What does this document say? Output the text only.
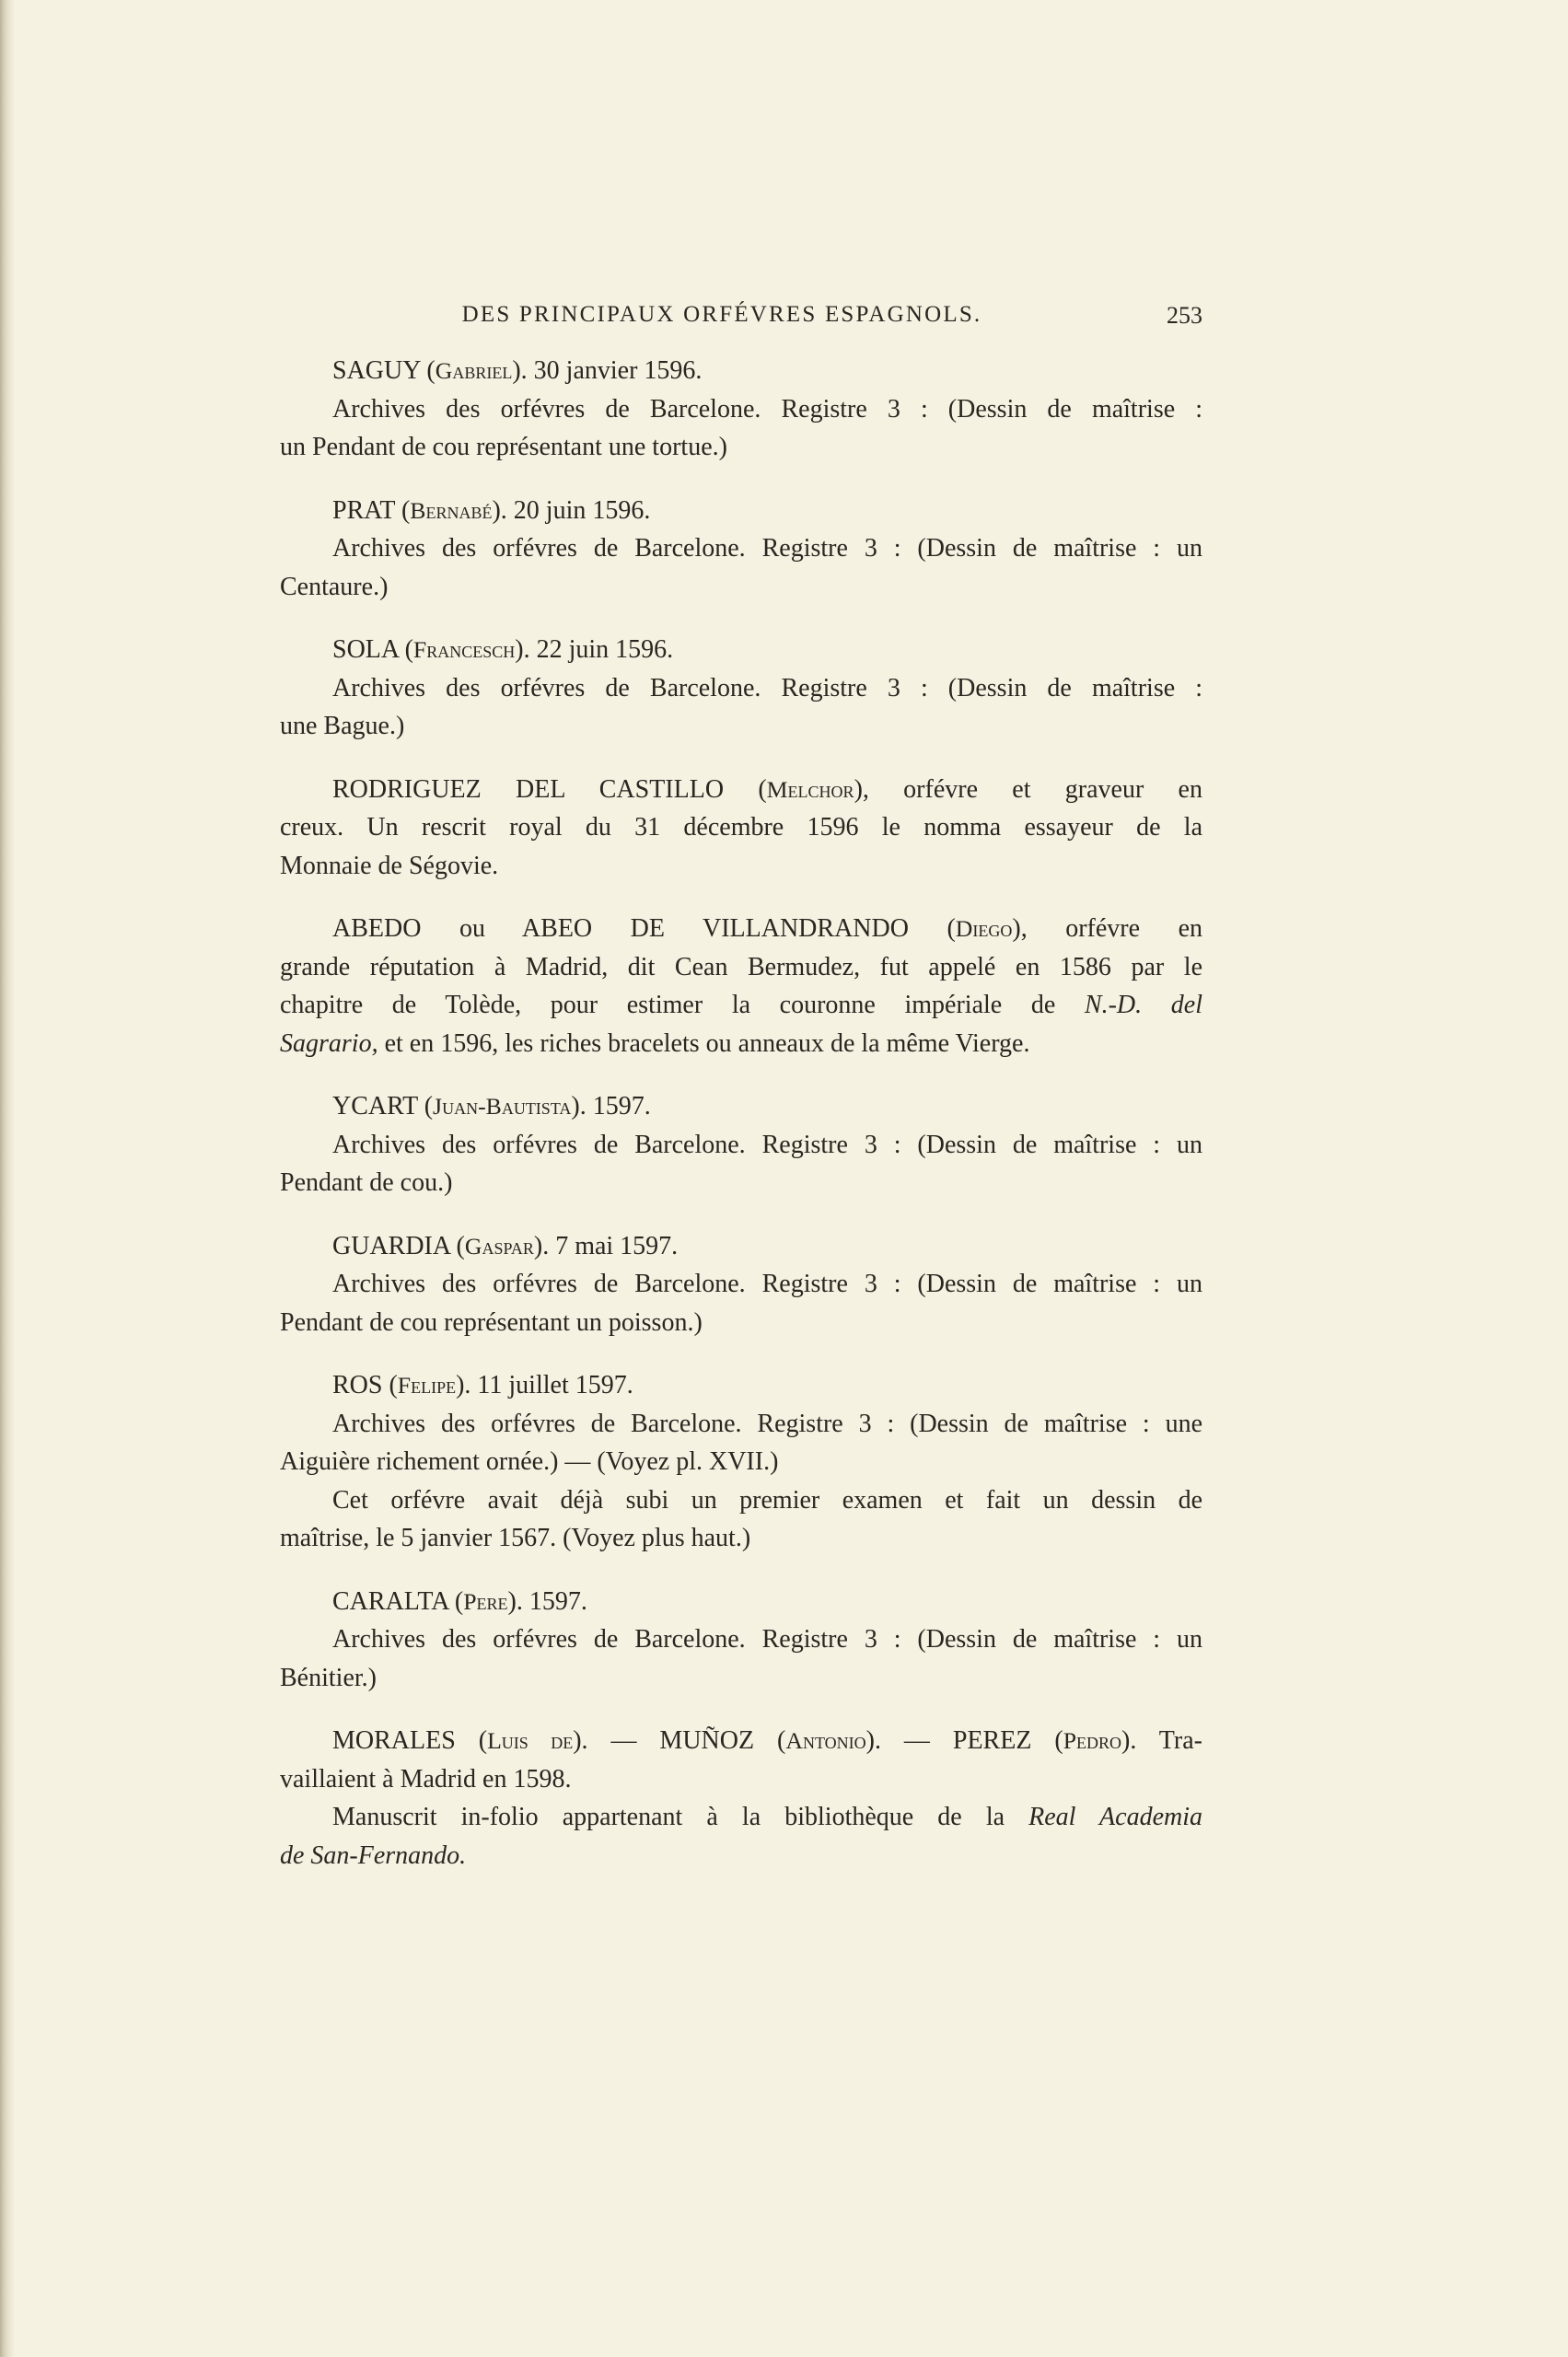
DES PRINCIPAUX ORFÉVRES ESPAGNOLS.	253
SAGUY (Gabriel). 30 janvier 1596.
Archives des orfévres de Barcelone. Registre 3 : (Dessin de maîtrise :
un Pendant de cou représentant une tortue.)
PRAT (Bernabé). 20 juin 1596.
Archives des orfévres de Barcelone. Registre 3 : (Dessin de maîtrise : un
Centaure.)
SOLA (Francesch). 22 juin 1596.
Archives des orfévres de Barcelone. Registre 3 : (Dessin de maîtrise :
une Bague.)
RODRIGUEZ DEL CASTILLO (Melchor), orfévre et graveur en
creux. Un rescrit royal du 31 décembre 1596 le nomma essayeur de la
Monnaie de Ségovie.
ABEDO ou ABEO DE VILLANDRANDO (Diego), orfévre en
grande réputation à Madrid, dit Cean Bermudez, fut appelé en 1586 par le
chapitre de Tolède, pour estimer la couronne impériale de N.-D. del
Sagrario, et en 1596, les riches bracelets ou anneaux de la même Vierge.
YCART (Juan-Bautista). 1597.
Archives des orfévres de Barcelone. Registre 3 : (Dessin de maîtrise : un
Pendant de cou.)
GUARDIA (Gaspar). 7 mai 1597.
Archives des orfévres de Barcelone. Registre 3 : (Dessin de maîtrise : un
Pendant de cou représentant un poisson.)
ROS (Felipe). 11 juillet 1597.
Archives des orfévres de Barcelone. Registre 3 : (Dessin de maîtrise : une
Aiguière richement ornée.) — (Voyez pl. XVII.)
Cet orfévre avait déjà subi un premier examen et fait un dessin de
maîtrise, le 5 janvier 1567. (Voyez plus haut.)
CARALTA (Pere). 1597.
Archives des orfévres de Barcelone. Registre 3 : (Dessin de maîtrise : un
Bénitier.)
MORALES (Luis de). — MUÑOZ (Antonio). — PEREZ (Pedro). Tra-
vaillaient à Madrid en 1598.
Manuscrit in-folio appartenant à la bibliothèque de la Real Academia
de San-Fernando.
